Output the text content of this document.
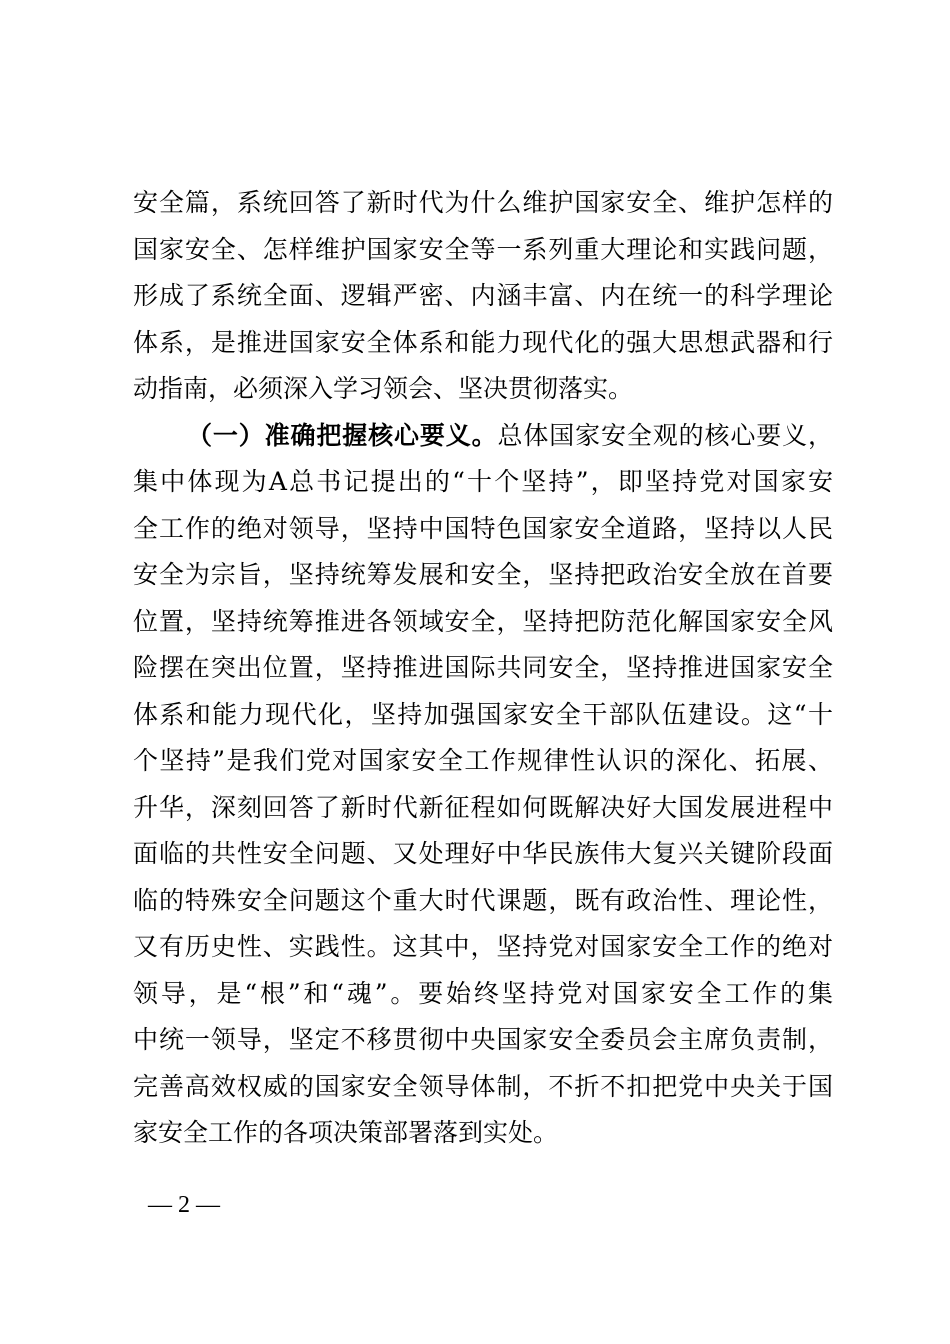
安全篇，系统回答了新时代为什么维护国家安全、维护怎样的
国家安全、怎样维护国家安全等一系列重大理论和实践问题，
形成了系统全面、逻辑严密、内涵丰富、内在统一的科学理论
体系，是推进国家安全体系和能力现代化的强大思想武器和行
动指南，必须深入学习领会、坚决贯彻落实。
（一）准确把握核心要义。总体国家安全观的核心要义，
集中体现为A总书记提出的“十个坚持”，即坚持党对国家安
全工作的绝对领导，坚持中国特色国家安全道路，坚持以人民
安全为宗旨，坚持统筹发展和安全，坚持把政治安全放在首要
位置，坚持统筹推进各领域安全，坚持把防范化解国家安全风
险摆在突出位置，坚持推进国际共同安全，坚持推进国家安全
体系和能力现代化，坚持加强国家安全干部队伍建设。这“十
个坚持”是我们党对国家安全工作规律性认识的深化、拓展、
升华，深刻回答了新时代新征程如何既解决好大国发展进程中
面临的共性安全问题、又处理好中华民族伟大复兴关键阶段面
临的特殊安全问题这个重大时代课题，既有政治性、理论性，
又有历史性、实践性。这其中，坚持党对国家安全工作的绝对
领导，是“根”和“魂”。要始终坚持党对国家安全工作的集
中统一领导，坚定不移贯彻中央国家安全委员会主席负责制，
完善高效权威的国家安全领导体制，不折不扣把党中央关于国
家安全工作的各项决策部署落到实处。
— 2 —
